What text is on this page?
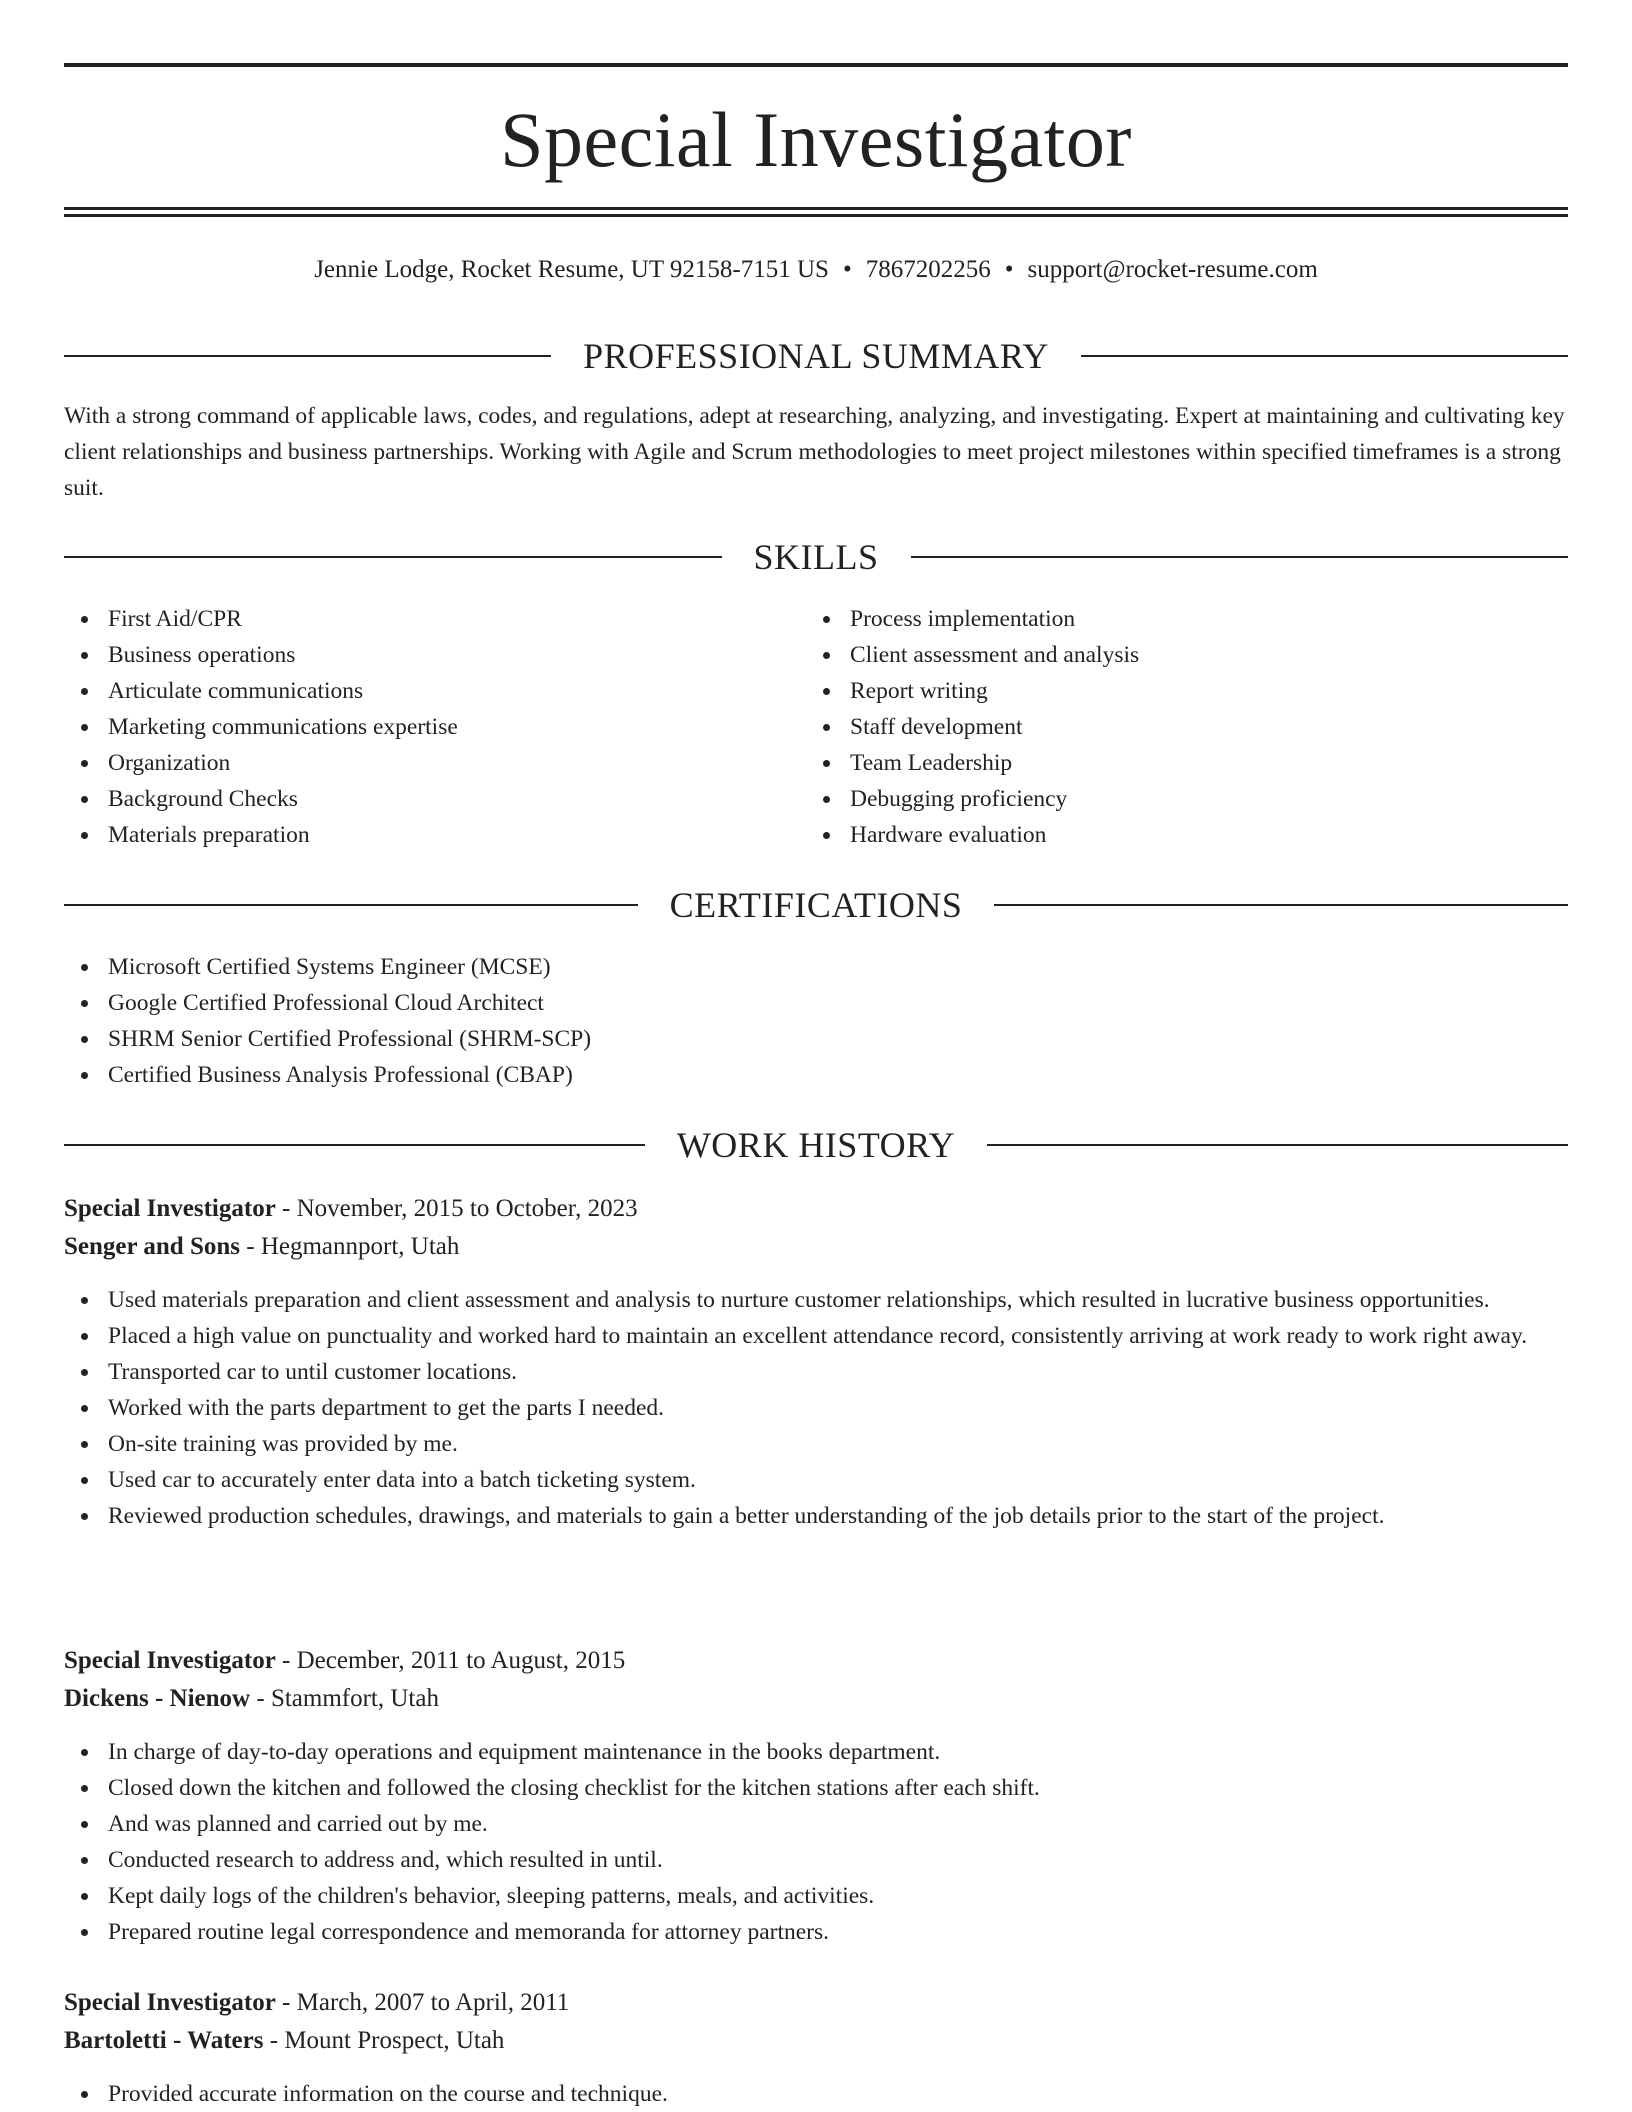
Special Investigator
Jennie Lodge, Rocket Resume, UT 92158-7151 US • 7867202256 • support@rocket-resume.com
PROFESSIONAL SUMMARY

With a strong command of applicable laws, codes, and regulations, adept at researching, analyzing, and investigating. Expert at maintaining and cultivating key client relationships and business partnerships. Working with Agile and Scrum methodologies to meet project milestones within specified timeframes is a strong suit.

SKILLS
First Aid/CPR
Business operations
Articulate communications
Marketing communications expertise
Organization
Background Checks
Materials preparation
Process implementation
Client assessment and analysis
Report writing
Staff development
Team Leadership
Debugging proficiency
Hardware evaluation
CERTIFICATIONS
Microsoft Certified Systems Engineer (MCSE)
Google Certified Professional Cloud Architect
SHRM Senior Certified Professional (SHRM-SCP)
Certified Business Analysis Professional (CBAP)
WORK HISTORY
Special Investigator - November, 2015 to October, 2023
Senger and Sons - Hegmannport, Utah
Used materials preparation and client assessment and analysis to nurture customer relationships, which resulted in lucrative business opportunities.
Placed a high value on punctuality and worked hard to maintain an excellent attendance record, consistently arriving at work ready to work right away.
Transported car to until customer locations.
Worked with the parts department to get the parts I needed.
On-site training was provided by me.
Used car to accurately enter data into a batch ticketing system.
Reviewed production schedules, drawings, and materials to gain a better understanding of the job details prior to the start of the project.
Special Investigator - December, 2011 to August, 2015
Dickens - Nienow - Stammfort, Utah
In charge of day-to-day operations and equipment maintenance in the books department.
Closed down the kitchen and followed the closing checklist for the kitchen stations after each shift.
And was planned and carried out by me.
Conducted research to address and, which resulted in until.
Kept daily logs of the children's behavior, sleeping patterns, meals, and activities.
Prepared routine legal correspondence and memoranda for attorney partners.
Special Investigator - March, 2007 to April, 2011
Bartoletti - Waters - Mount Prospect, Utah
Provided accurate information on the course and technique.
